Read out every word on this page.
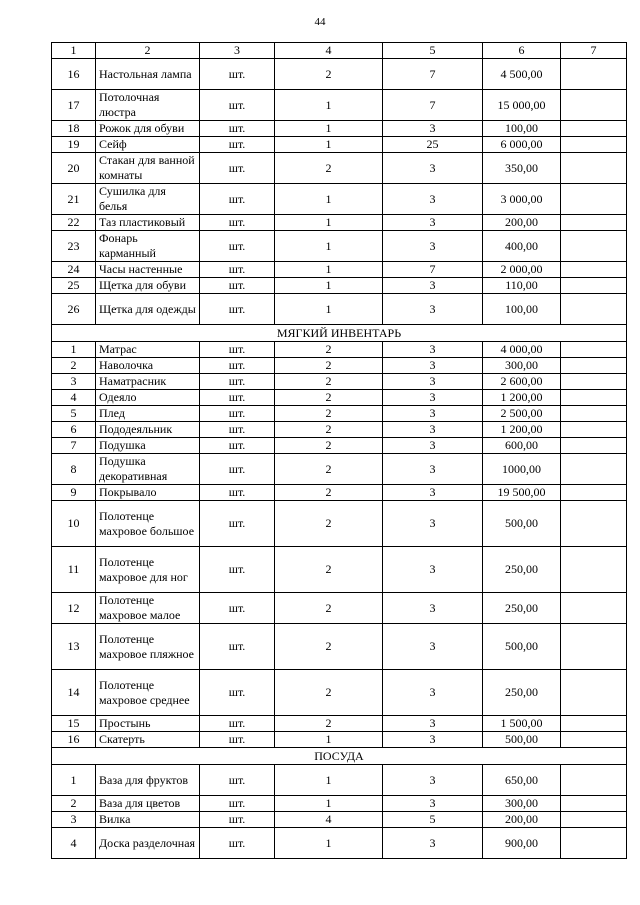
44
1	2	3	4	5	6	7
16	Настольная лампа	шт.	2	7	4 500,00	
17	Потолочная люстра	шт.	1	7	15 000,00	
18	Рожок для обуви	шт.	1	3	100,00	
19	Сейф	шт.	1	25	6 000,00	
20	Стакан для ванной комнаты	шт.	2	3	350,00	
21	Сушилка для белья	шт.	1	3	3 000,00	
22	Таз пластиковый	шт.	1	3	200,00	
23	Фонарь карманный	шт.	1	3	400,00	
24	Часы настенные	шт.	1	7	2 000,00	
25	Щетка для обуви	шт.	1	3	110,00	
26	Щетка для одежды	шт.	1	3	100,00	
МЯГКИЙ ИНВЕНТАРЬ						
1	Матрас	шт.	2	3	4 000,00	
2	Наволочка	шт.	2	3	300,00	
3	Наматрасник	шт.	2	3	2 600,00	
4	Одеяло	шт.	2	3	1 200,00	
5	Плед	шт.	2	3	2 500,00	
6	Пододеяльник	шт.	2	3	1 200,00	
7	Подушка	шт.	2	3	600,00	
8	Подушка декоративная	шт.	2	3	1000,00	
9	Покрывало	шт.	2	3	19 500,00	
10	Полотенце махровое большое	шт.	2	3	500,00	
11	Полотенце махровое для ног	шт.	2	3	250,00	
12	Полотенце махровое малое	шт.	2	3	250,00	
13	Полотенце махровое пляжное	шт.	2	3	500,00	
14	Полотенце махровое среднее	шт.	2	3	250,00	
15	Простынь	шт.	2	3	1 500,00	
16	Скатерть	шт.	1	3	500,00	
ПОСУДА						
1	Ваза для фруктов	шт.	1	3	650,00	
2	Ваза для цветов	шт.	1	3	300,00	
3	Вилка	шт.	4	5	200,00	
4	Доска разделочная	шт.	1	3	900,00	
